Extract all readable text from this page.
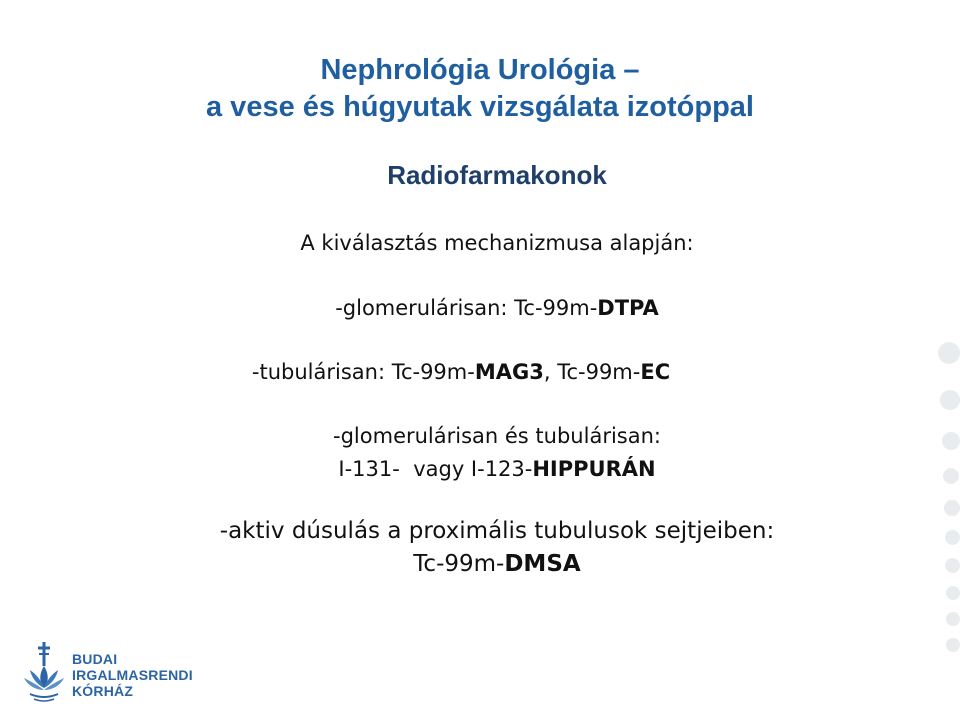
Nephrológia Urológia –
a vese és húgyutak vizsgálata izotóppal
Radiofarmakonok
A kiválasztás mechanizmusa alapján:
-glomerulárisan: Tc-99m-DTPA
-tubulárisan: Tc-99m-MAG3, Tc-99m-EC
-glomerulárisan és tubulárisan:
I-131-  vagy I-123-HIPPURÁN
-aktiv dúsulás a proximális tubulusok sejtjeiben:
Tc-99m-DMSA
BUDAI
IRGALMASRENDI
KÓRHÁZ
